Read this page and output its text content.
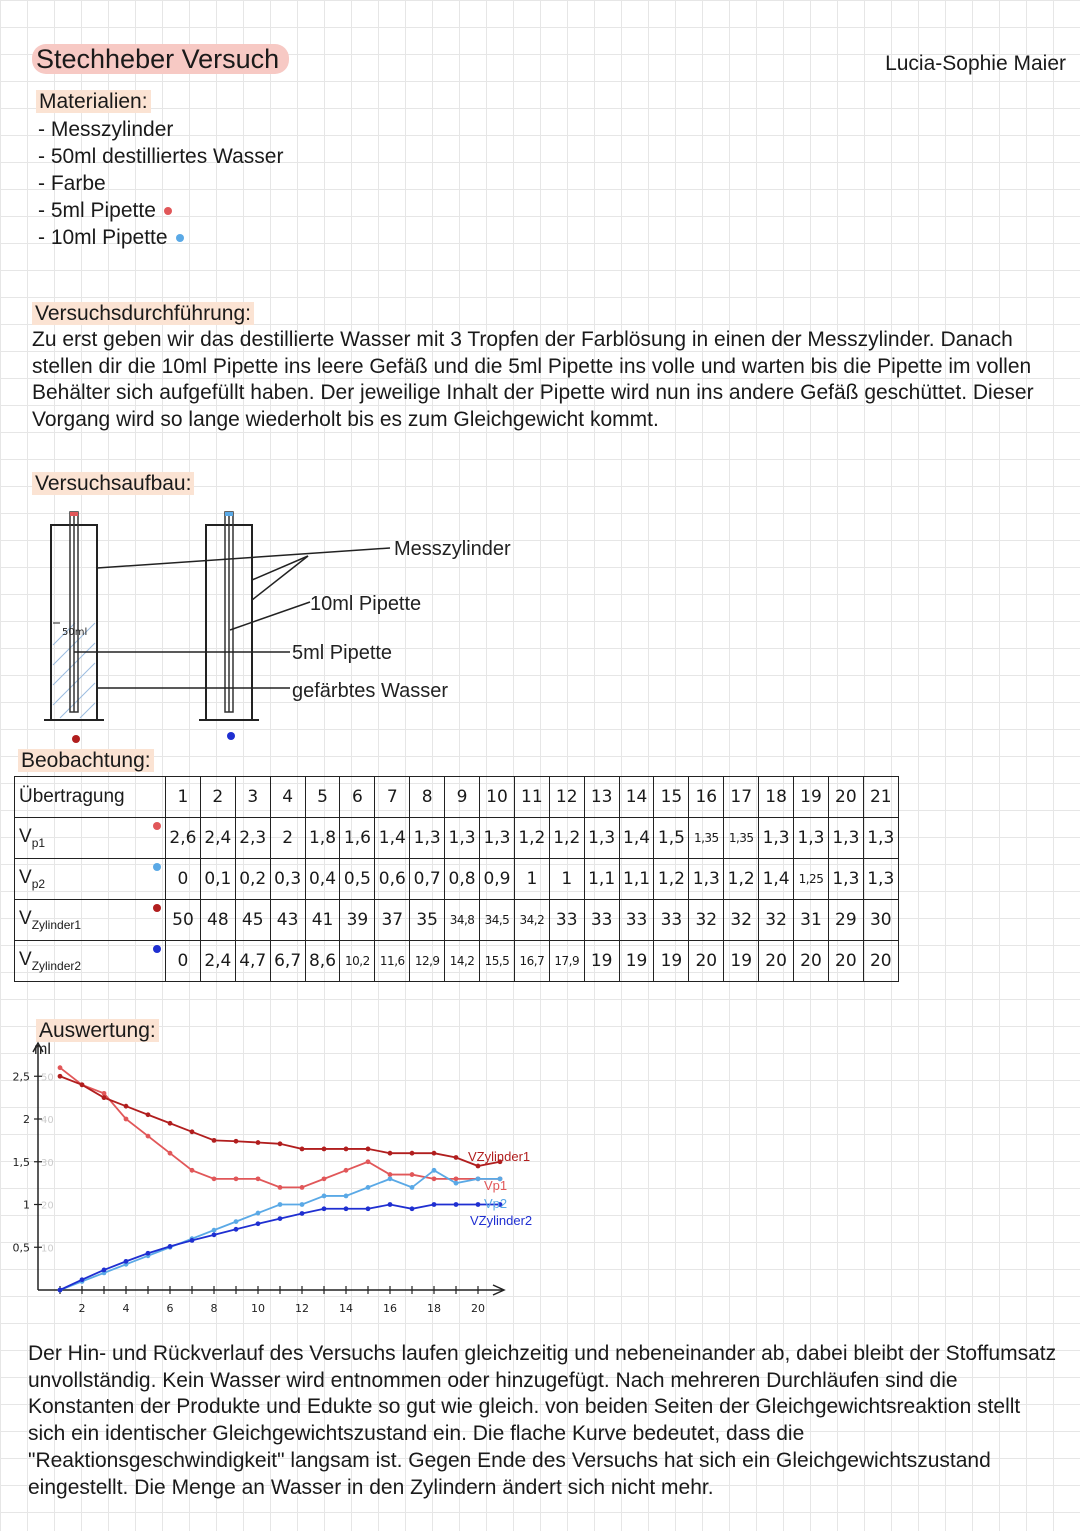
Stechheber Versuch	Lucia-Sophie Maier
Materialien:
- Messzylinder
- 50ml destilliertes Wasser
- Farbe
- 5ml Pipette
- 10ml Pipette
Versuchsdurchführung:
Zu erst geben wir das destillierte Wasser mit 3 Tropfen der Farblösung in einen der Messzylinder. Danach stellen dir die 10ml Pipette ins leere Gefäß und die 5ml Pipette ins volle und warten bis die Pipette im vollen Behälter sich aufgefüllt haben. Der jeweilige Inhalt der Pipette wird nun ins andere Gefäß geschüttet. Dieser Vorgang wird so lange wiederholt bis es zum Gleichgewicht kommt.
Versuchsaufbau:
50ml
Messzylinder
10ml Pipette
5ml Pipette
gefärbtes Wasser
Beobachtung:
Übertragung	1	2	3	4	5	6	7	8	9	10	11	12	13	14	15	16	17	18	19	20	21
$V_{p1}$	2,6	2,4	2,3	2	1,8	1,6	1,4	1,3	1,3	1,3	1,2	1,2	1,3	1,4	1,5	1,35	1,35	1,3	1,3	1,3	1,3
$V_{p2}$	0	0,1	0,2	0,3	0,4	0,5	0,6	0,7	0,8	0,9	1	1	1,1	1,1	1,2	1,3	1,2	1,4	1,25	1,3	1,3
$V_{Zylinder1}$	50	48	45	43	41	39	37	35	34,8	34,5	34,2	33	33	33	33	32	32	32	31	29	30
$V_{Zylinder2}$	0	2,4	4,7	6,7	8,6	10,2	11,6	12,9	14,2	15,5	16,7	17,9	19	19	19	20	19	20	20	20	20
Auswertung:
ml
2,5 50
2 40
1,5 30
1 20
0,5 10
2	4	6	8	10	12	14	16	18	20
VZylinder1
Vp1
Vp2
VZylinder2
Der Hin- und Rückverlauf des Versuchs laufen gleichzeitig und nebeneinander ab, dabei bleibt der Stoffumsatz unvollständig. Kein Wasser wird entnommen oder hinzugefügt. Nach mehreren Durchläufen sind die Konstanten der Produkte und Edukte so gut wie gleich. von beiden Seiten der Gleichgewichtsreaktion stellt sich ein identischer Gleichgewichtszustand ein. Die flache Kurve bedeutet, dass die "Reaktionsgeschwindigkeit" langsam ist. Gegen Ende des Versuchs hat sich ein Gleichgewichtszustand eingestellt. Die Menge an Wasser in den Zylindern ändert sich nicht mehr.
